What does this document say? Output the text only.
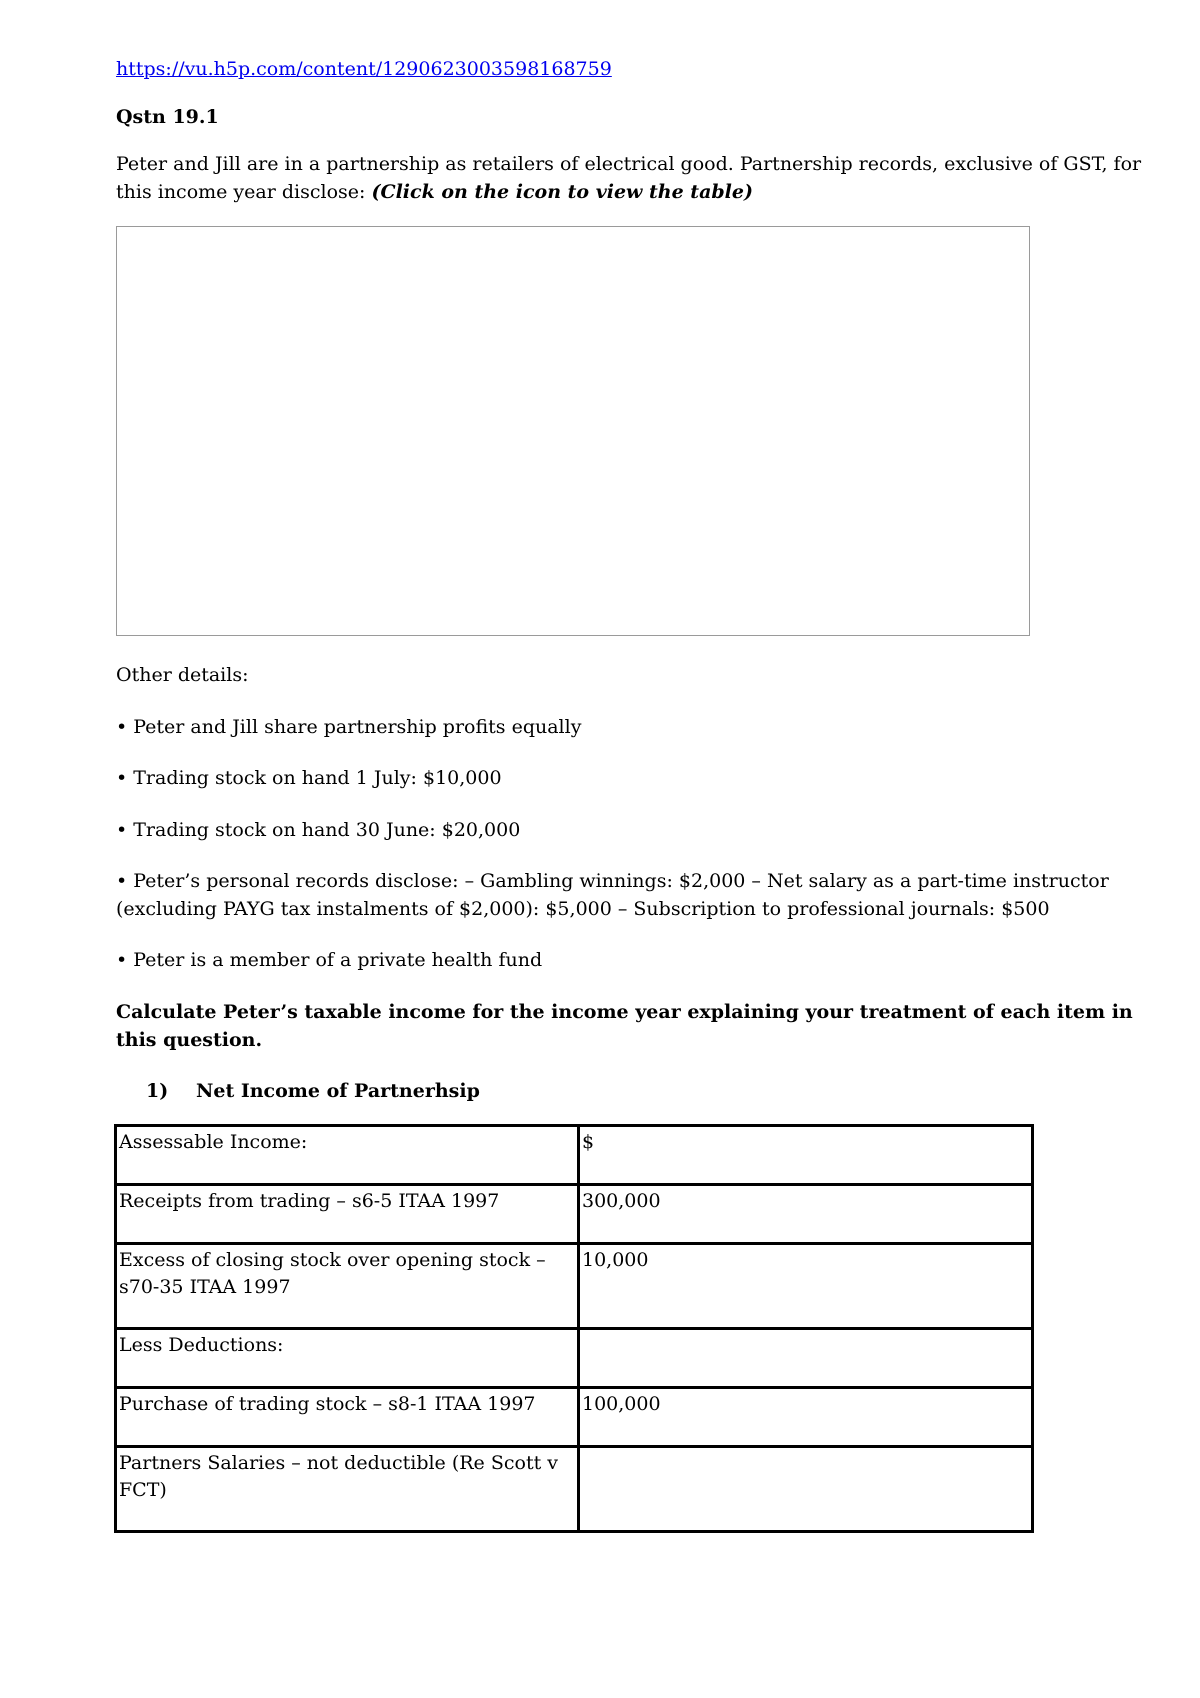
https://vu.h5p.com/content/1290623003598168759
Qstn 19.1

Peter and Jill are in a partnership as retailers of electrical good. Partnership records, exclusive of GST, for this income year disclose: (Click on the icon to view the table)

Other details:

• Peter and Jill share partnership profits equally

• Trading stock on hand 1 July: $10,000

• Trading stock on hand 30 June: $20,000

• Peter’s personal records disclose: – Gambling winnings: $2,000 – Net salary as a part-time instructor (excluding PAYG tax instalments of $2,000): $5,000 – Subscription to professional journals: $500

• Peter is a member of a private health fund

Calculate Peter’s taxable income for the income year explaining your treatment of each item in this question.

1)	Net Income of Partnerhsip
Assessable Income:	$
Receipts from trading – s6-5 ITAA 1997	300,000
Excess of closing stock over opening stock – s70-35 ITAA 1997	10,000
Less Deductions:	
Purchase of trading stock – s8-1 ITAA 1997	100,000
Partners Salaries – not deductible (Re Scott v FCT)	
